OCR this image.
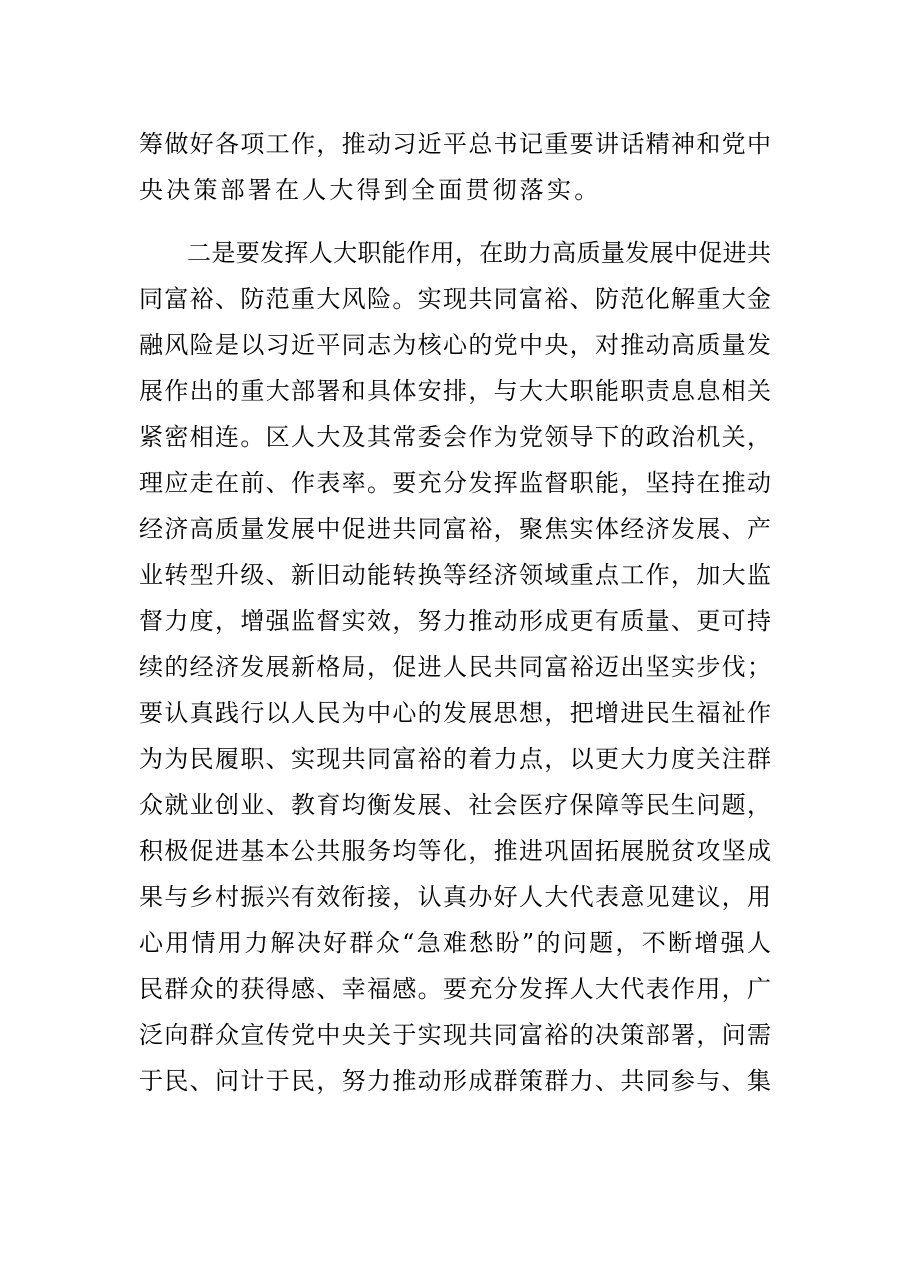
筹做好各项工作，推动习近平总书记重要讲话精神和党中
央决策部署在人大得到全面贯彻落实。
二是要发挥人大职能作用，在助力高质量发展中促进共
同富裕、防范重大风险。实现共同富裕、防范化解重大金
融风险是以习近平同志为核心的党中央，对推动高质量发
展作出的重大部署和具体安排，与大大职能职责息息相关
紧密相连。区人大及其常委会作为党领导下的政治机关，
理应走在前、作表率。要充分发挥监督职能，坚持在推动
经济高质量发展中促进共同富裕，聚焦实体经济发展、产
业转型升级、新旧动能转换等经济领域重点工作，加大监
督力度，增强监督实效，努力推动形成更有质量、更可持
续的经济发展新格局，促进人民共同富裕迈出坚实步伐；
要认真践行以人民为中心的发展思想，把增进民生福祉作
为为民履职、实现共同富裕的着力点，以更大力度关注群
众就业创业、教育均衡发展、社会医疗保障等民生问题，
积极促进基本公共服务均等化，推进巩固拓展脱贫攻坚成
果与乡村振兴有效衔接，认真办好人大代表意见建议，用
心用情用力解决好群众“急难愁盼”的问题，不断增强人
民群众的获得感、幸福感。要充分发挥人大代表作用，广
泛向群众宣传党中央关于实现共同富裕的决策部署，问需
于民、问计于民，努力推动形成群策群力、共同参与、集
